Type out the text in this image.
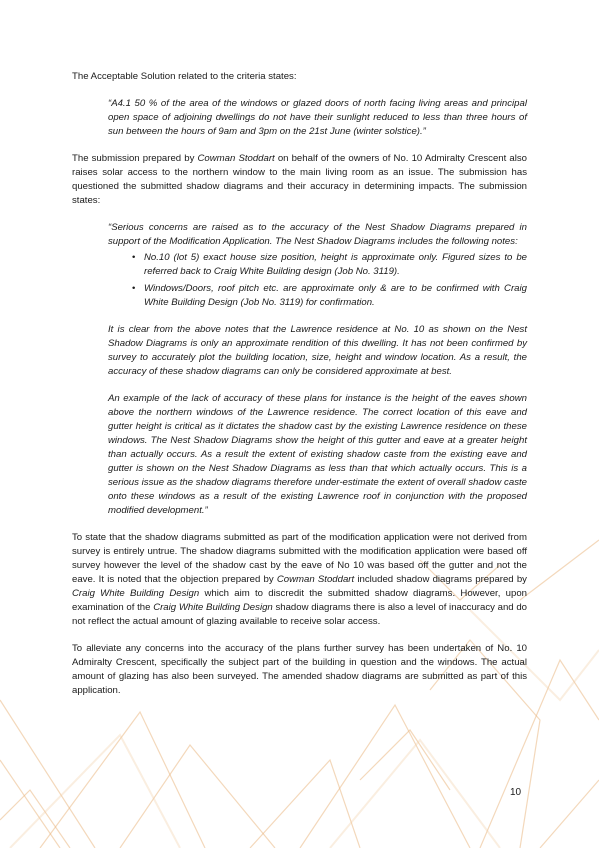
The Acceptable Solution related to the criteria states:

“A4.1 50 % of the area of the windows or glazed doors of north facing living areas and principal open space of adjoining dwellings do not have their sunlight reduced to less than three hours of sun between the hours of 9am and 3pm on the 21st June (winter solstice).”

The submission prepared by Cowman Stoddart on behalf of the owners of No. 10 Admiralty Crescent also raises solar access to the northern window to the main living room as an issue. The submission has questioned the submitted shadow diagrams and their accuracy in determining impacts. The submission states:

“Serious concerns are raised as to the accuracy of the Nest Shadow Diagrams prepared in support of the Modification Application. The Nest Shadow Diagrams includes the following notes:

• No.10 (lot 5) exact house size position, height is approximate only. Figured sizes to be referred back to Craig White Building design (Job No. 3119).
• Windows/Doors, roof pitch etc. are approximate only & are to be confirmed with Craig White Building Design (Job No. 3119) for confirmation.

It is clear from the above notes that the Lawrence residence at No. 10 as shown on the Nest Shadow Diagrams is only an approximate rendition of this dwelling. It has not been confirmed by survey to accurately plot the building location, size, height and window location. As a result, the accuracy of these shadow diagrams can only be considered approximate at best.

An example of the lack of accuracy of these plans for instance is the height of the eaves shown above the northern windows of the Lawrence residence. The correct location of this eave and gutter height is critical as it dictates the shadow cast by the existing Lawrence residence on these windows. The Nest Shadow Diagrams show the height of this gutter and eave at a greater height than actually occurs. As a result the extent of existing shadow caste from the existing eave and gutter is shown on the Nest Shadow Diagrams as less than that which actually occurs. This is a serious issue as the shadow diagrams therefore under-estimate the extent of overall shadow caste onto these windows as a result of the existing Lawrence roof in conjunction with the proposed modified development.”

To state that the shadow diagrams submitted as part of the modification application were not derived from survey is entirely untrue. The shadow diagrams submitted with the modification application were based off survey however the level of the shadow cast by the eave of No 10 was based off the gutter and not the eave. It is noted that the objection prepared by Cowman Stoddart included shadow diagrams prepared by Craig White Building Design which aim to discredit the submitted shadow diagrams. However, upon examination of the Craig White Building Design shadow diagrams there is also a level of inaccuracy and do not reflect the actual amount of glazing available to receive solar access.

To alleviate any concerns into the accuracy of the plans further survey has been undertaken of No. 10 Admiralty Crescent, specifically the subject part of the building in question and the windows. The actual amount of glazing has also been surveyed. The amended shadow diagrams are submitted as part of this application.

10
